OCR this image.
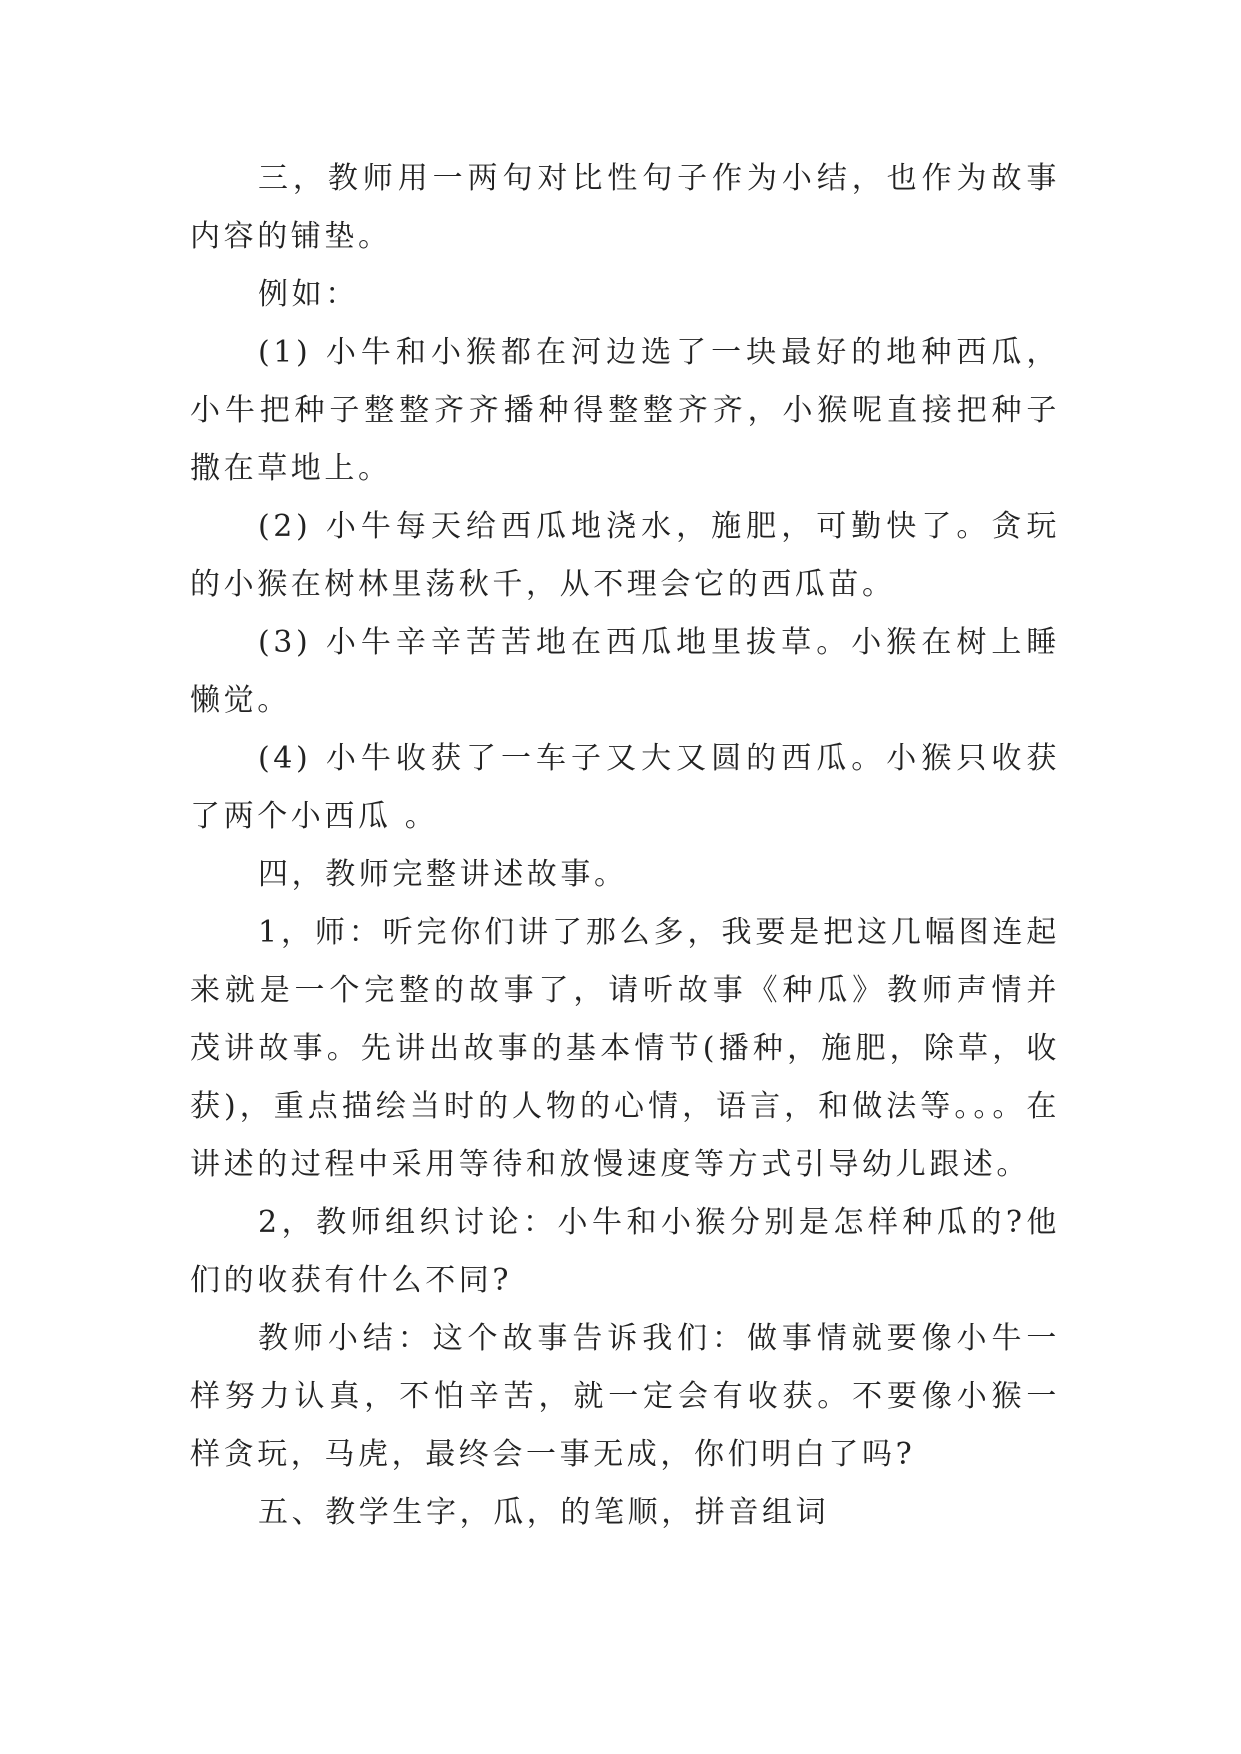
三，教师用一两句对比性句子作为小结，也作为故事内容的铺垫。

例如：

(1) 小牛和小猴都在河边选了一块最好的地种西瓜，小牛把种子整整齐齐播种得整整齐齐，小猴呢直接把种子撒在草地上。

(2) 小牛每天给西瓜地浇水，施肥，可勤快了。贪玩的小猴在树林里荡秋千，从不理会它的西瓜苗。

(3) 小牛辛辛苦苦地在西瓜地里拔草。小猴在树上睡懒觉。

(4) 小牛收获了一车子又大又圆的西瓜。小猴只收获了两个小西瓜 。

四，教师完整讲述故事。

1，师：听完你们讲了那么多，我要是把这几幅图连起来就是一个完整的故事了，请听故事《种瓜》教师声情并茂讲故事。先讲出故事的基本情节(播种，施肥，除草，收获)，重点描绘当时的人物的心情，语言，和做法等。。。在讲述的过程中采用等待和放慢速度等方式引导幼儿跟述。

2，教师组织讨论：小牛和小猴分别是怎样种瓜的?他们的收获有什么不同?

教师小结：这个故事告诉我们：做事情就要像小牛一样努力认真，不怕辛苦，就一定会有收获。不要像小猴一样贪玩，马虎，最终会一事无成，你们明白了吗?

五、教学生字，瓜，的笔顺，拼音组词
